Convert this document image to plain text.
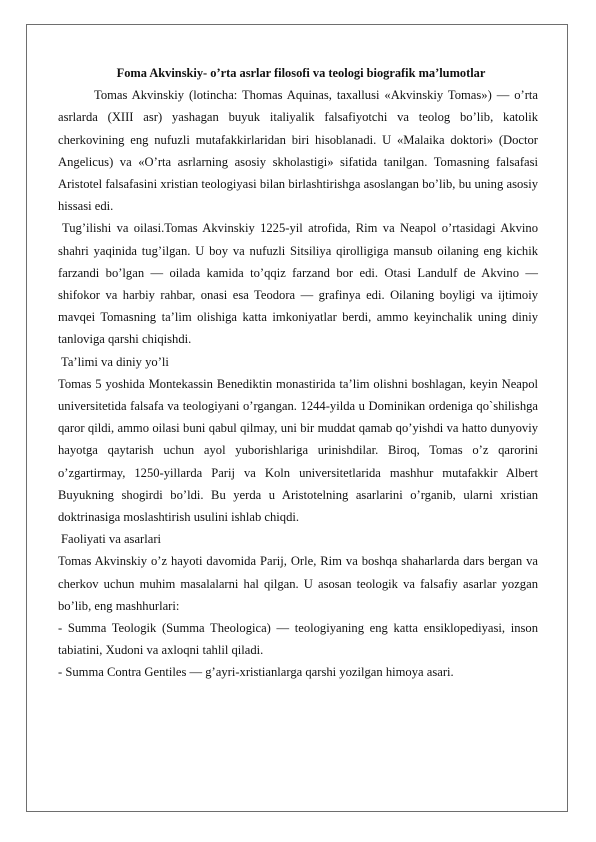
Foma Akvinskiy- o’rta asrlar filosofi va teologi biografik ma’lumotlar

Tomas Akvinskiy (lotincha: Thomas Aquinas, taxallusi «Akvinskiy Tomas») — o’rta asrlarda (XIII asr) yashagan buyuk italiyalik falsafiyotchi va teolog bo’lib, katolik cherkovining eng nufuzli mutafakkirlaridan biri hisoblanadi. U «Malaika doktori» (Doctor Angelicus) va «O’rta asrlarning asosiy skholastigi» sifatida tanilgan. Tomasning falsafasi Aristotel falsafasini xristian teologiyasi bilan birlashtirishga asoslangan bo’lib, bu uning asosiy hissasi edi.

Tug’ilishi va oilasi.Tomas Akvinskiy 1225-yil atrofida, Rim va Neapol o’rtasidagi Akvino shahri yaqinida tug’ilgan. U boy va nufuzli Sitsiliya qirolligiga mansub oilaning eng kichik farzandi bo’lgan — oilada kamida to’qqiz farzand bor edi. Otasi Landulf de Akvino — shifokor va harbiy rahbar, onasi esa Teodora — grafinya edi. Oilaning boyligi va ijtimoiy mavqei Tomasning ta’lim olishiga katta imkoniyatlar berdi, ammo keyinchalik uning diniy tanloviga qarshi chiqishdi.

Ta’limi va diniy yo’li

Tomas 5 yoshida Montekassin Benediktin monastirida ta’lim olishni boshlagan, keyin Neapol universitetida falsafa va teologiyani o’rgangan. 1244-yilda u Dominikan ordeniga qo`shilishga qaror qildi, ammo oilasi buni qabul qilmay, uni bir muddat qamab qo’yishdi va hatto dunyoviy hayotga qaytarish uchun ayol yuborishlariga urinishdilar. Biroq, Tomas o’z qarorini o’zgartirmay, 1250-yillarda Parij va Koln universitetlarida mashhur mutafakkir Albert Buyukning shogirdi bo’ldi. Bu yerda u Aristotelning asarlarini o’rganib, ularni xristian doktrinasiga moslashtirish usulini ishlab chiqdi.

Faoliyati va asarlari

Tomas Akvinskiy o’z hayoti davomida Parij, Orle, Rim va boshqa shaharlarda dars bergan va cherkov uchun muhim masalalarni hal qilgan. U asosan teologik va falsafiy asarlar yozgan bo’lib, eng mashhurlari:

- Summa Teologik (Summa Theologica) — teologiyaning eng katta ensiklopediyasi, inson tabiatini, Xudoni va axloqni tahlil qiladi.

- Summa Contra Gentiles — g’ayri-xristianlarga qarshi yozilgan himoya asari.
